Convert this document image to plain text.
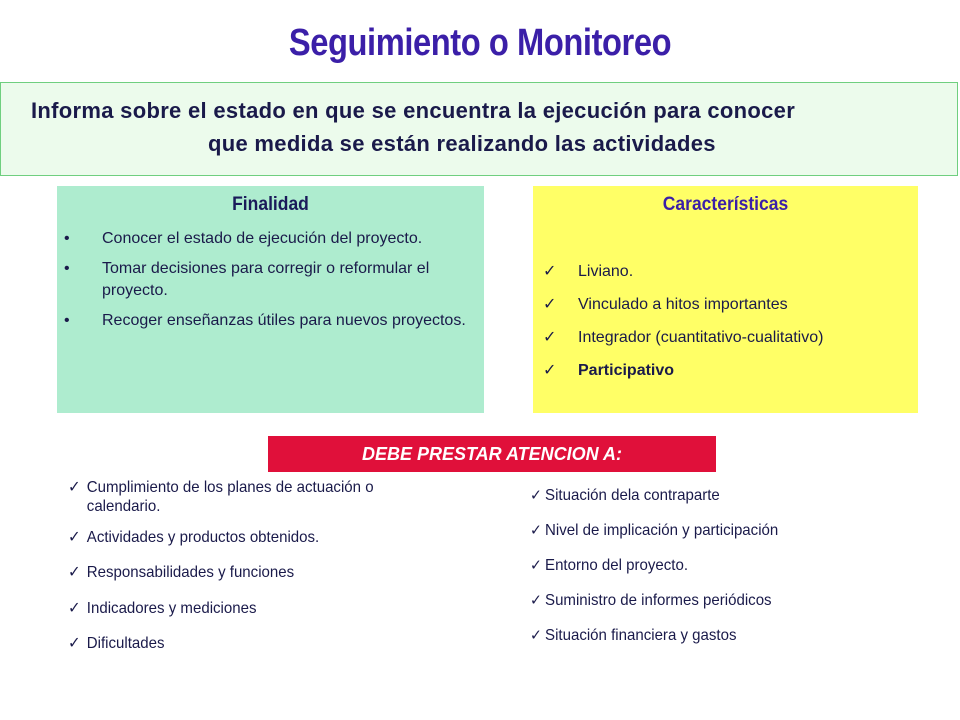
Seguimiento o Monitoreo
Informa sobre el estado en que se encuentra la ejecución para conocer
que medida se están realizando las actividades
Finalidad
• Conocer el estado de ejecución del proyecto.
• Tomar decisiones para corregir o reformular el proyecto.
• Recoger enseñanzas útiles para nuevos proyectos.
Características
✓ Liviano.
✓ Vinculado a hitos importantes
✓ Integrador (cuantitativo-cualitativo)
✓ Participativo
DEBE PRESTAR ATENCION A:
✓ Cumplimiento de los planes de actuación o
calendario.
✓ Actividades y productos obtenidos.
✓ Responsabilidades y funciones
✓ Indicadores y mediciones
✓ Dificultades
✓ Situación dela contraparte
✓ Nivel de implicación y participación
✓ Entorno del proyecto.
✓ Suministro de informes periódicos
✓ Situación financiera y gastos
